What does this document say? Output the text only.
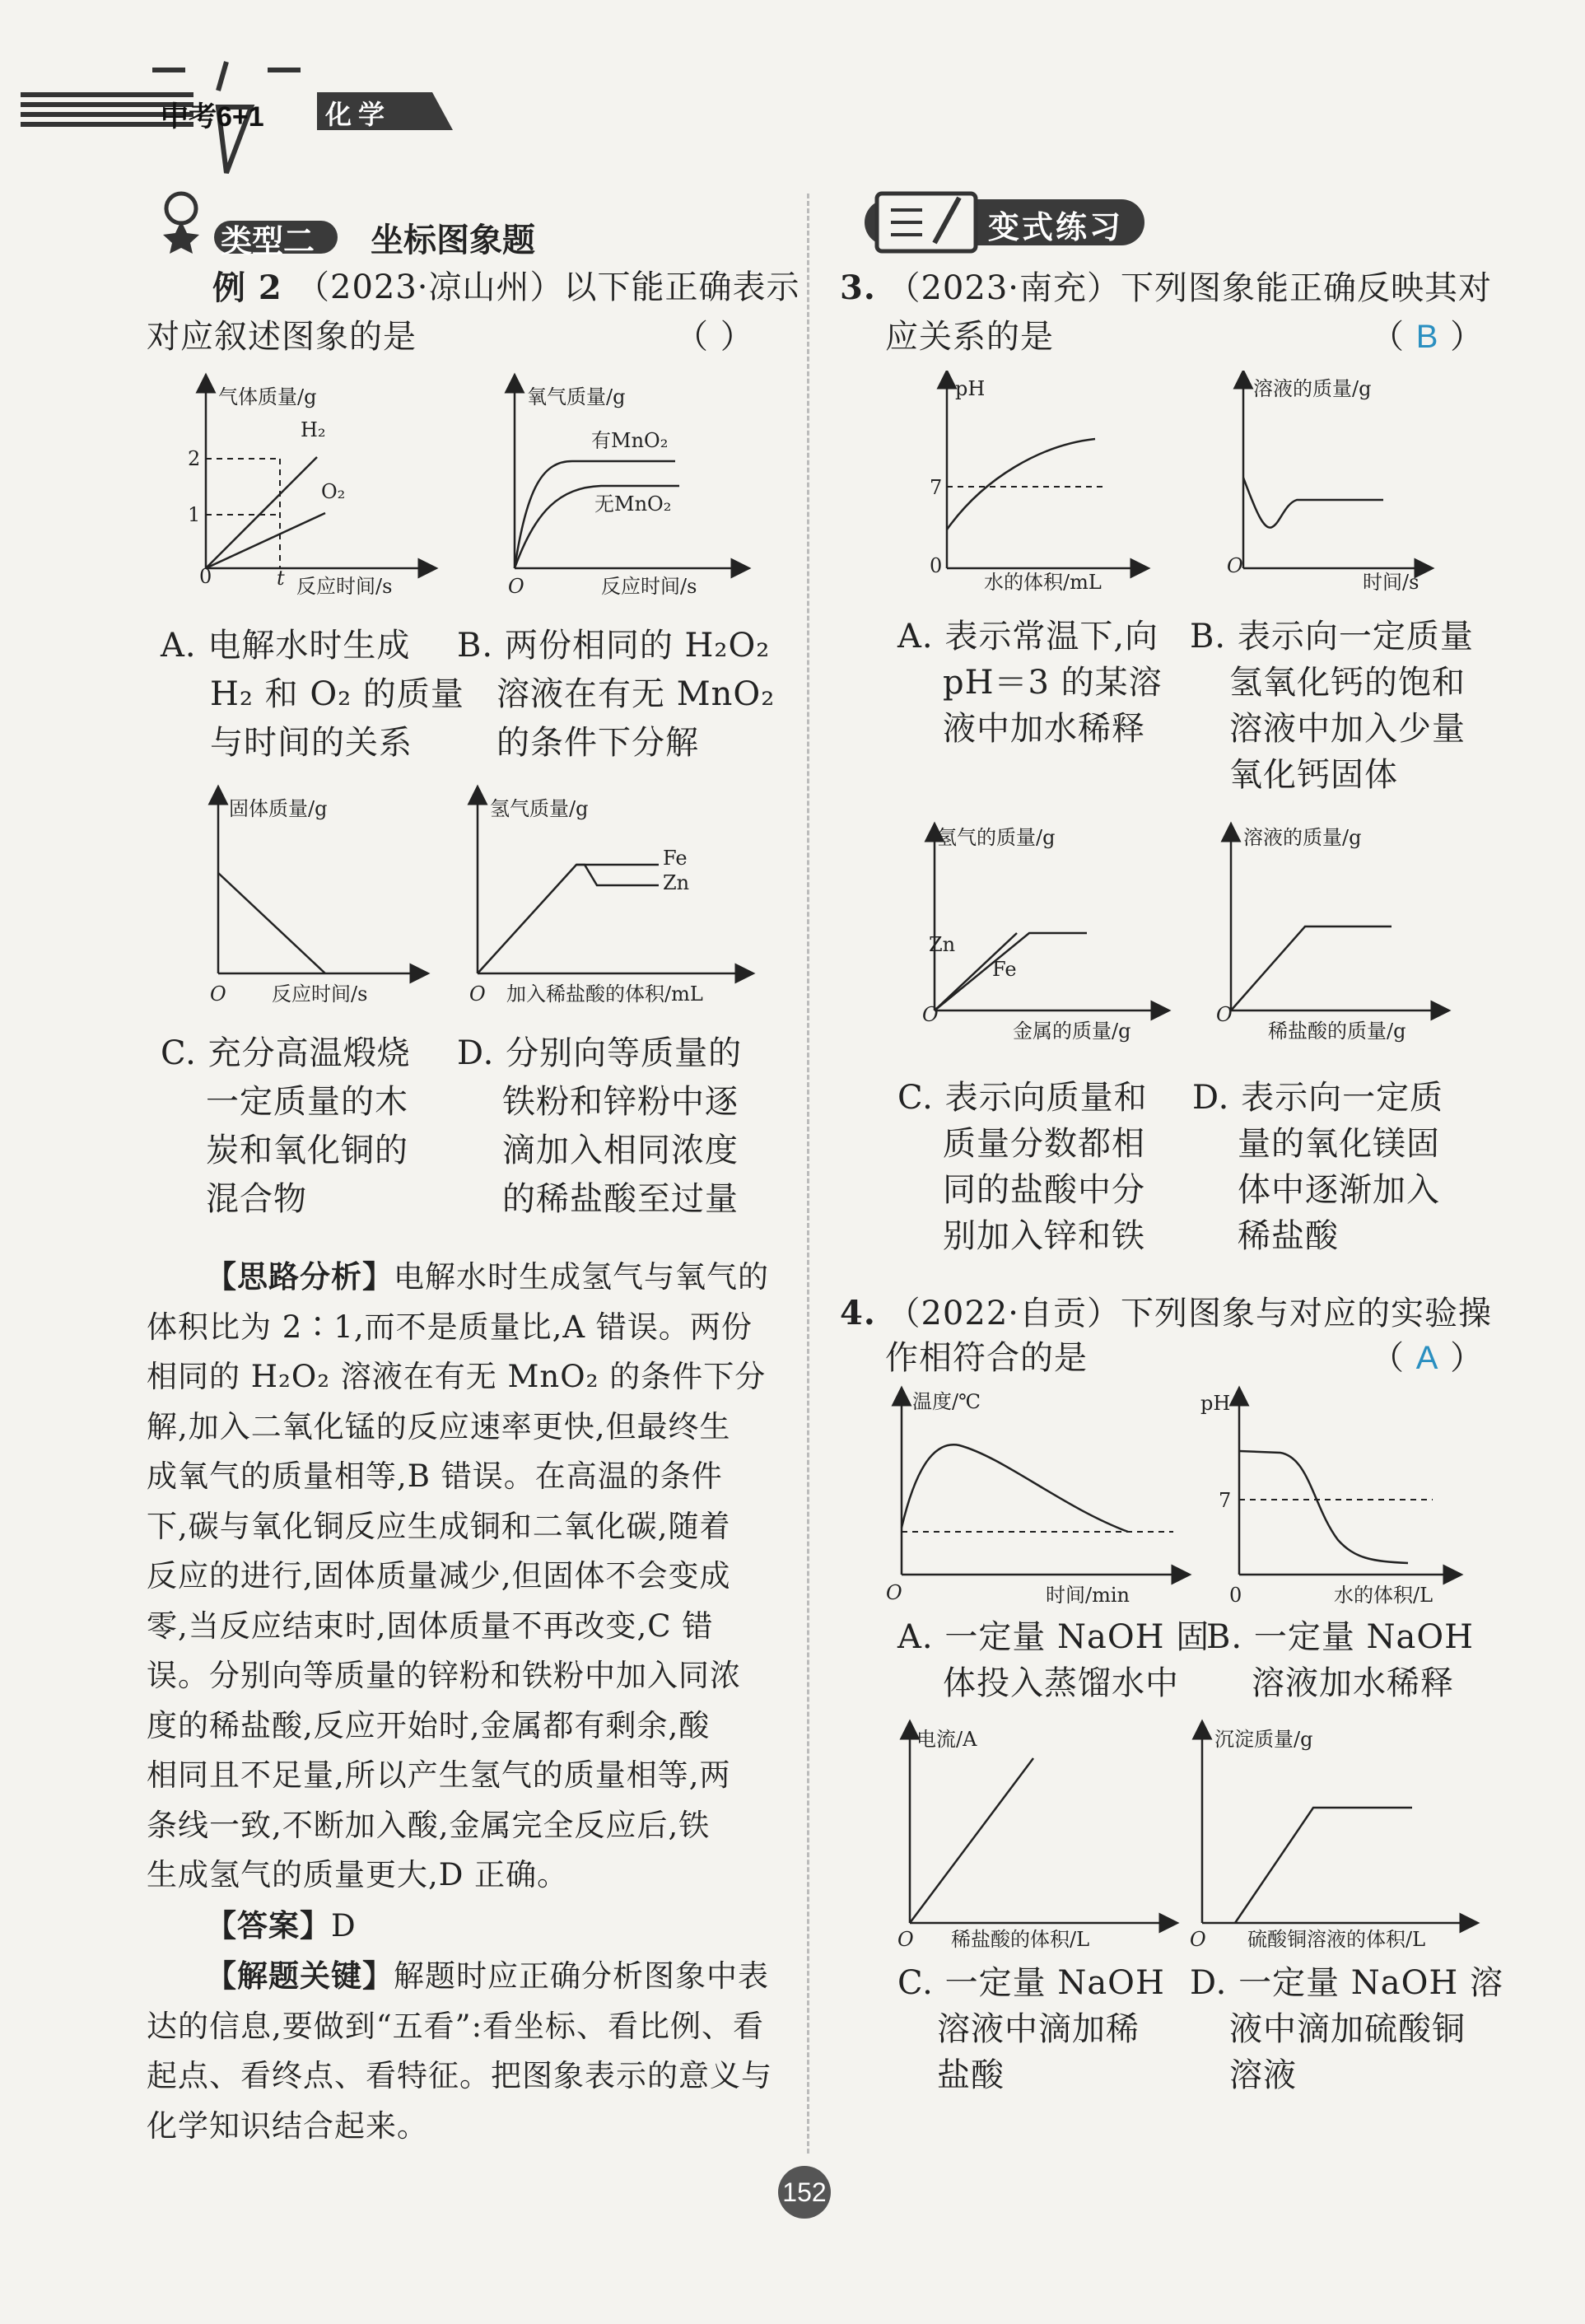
中考6+1 化学
类型二 坐标图象题
例 2 （2023·凉山州）以下能正确表示
对应叙述图象的是	（ ）
气体质量/g
反应时间/s
0	t
2
1
H₂
O₂
氧气质量/g
反应时间/s
O
有MnO₂
无MnO₂
A. 电解水时生成
H₂ 和 O₂ 的质量
与时间的关系
B. 两份相同的 H₂O₂
溶液在有无 MnO₂
的条件下分解
固体质量/g
反应时间/s
O
氢气质量/g
加入稀盐酸的体积/mL
O
Fe
Zn
C. 充分高温煅烧
一定质量的木
炭和氧化铜的
混合物
D. 分别向等质量的
铁粉和锌粉中逐
滴加入相同浓度
的稀盐酸至过量
【思路分析】电解水时生成氢气与氧气的
体积比为 2∶1,而不是质量比,A 错误。两份
相同的 H₂O₂ 溶液在有无 MnO₂ 的条件下分
解,加入二氧化锰的反应速率更快,但最终生
成氧气的质量相等,B 错误。在高温的条件
下,碳与氧化铜反应生成铜和二氧化碳,随着
反应的进行,固体质量减少,但固体不会变成
零,当反应结束时,固体质量不再改变,C 错
误。分别向等质量的锌粉和铁粉中加入同浓
度的稀盐酸,反应开始时,金属都有剩余,酸
相同且不足量,所以产生氢气的质量相等,两
条线一致,不断加入酸,金属完全反应后,铁
生成氢气的质量更大,D 正确。
【答案】D
【解题关键】解题时应正确分析图象中表
达的信息,要做到“五看”:看坐标、看比例、看
起点、看终点、看特征。把图象表示的意义与
化学知识结合起来。
变式练习
3. （2023·南充）下列图象能正确反映其对
应关系的是	（ B ）
pH
水的体积/mL
0
7
溶液的质量/g
时间/s
O
A. 表示常温下,向
pH＝3 的某溶
液中加水稀释
B. 表示向一定质量
氢氧化钙的饱和
溶液中加入少量
氧化钙固体
氢气的质量/g
金属的质量/g
O
Zn
Fe
溶液的质量/g
稀盐酸的质量/g
O
C. 表示向质量和
质量分数都相
同的盐酸中分
别加入锌和铁
D. 表示向一定质
量的氧化镁固
体中逐渐加入
稀盐酸
4. （2022·自贡）下列图象与对应的实验操
作相符合的是	（ A ）
温度/℃
时间/min
O
pH
水的体积/L
0
7
A. 一定量 NaOH 固
体投入蒸馏水中
B. 一定量 NaOH
溶液加水稀释
电流/A
稀盐酸的体积/L
O
沉淀质量/g
硫酸铜溶液的体积/L
O
C. 一定量 NaOH
溶液中滴加稀
盐酸
D. 一定量 NaOH 溶
液中滴加硫酸铜
溶液
152
